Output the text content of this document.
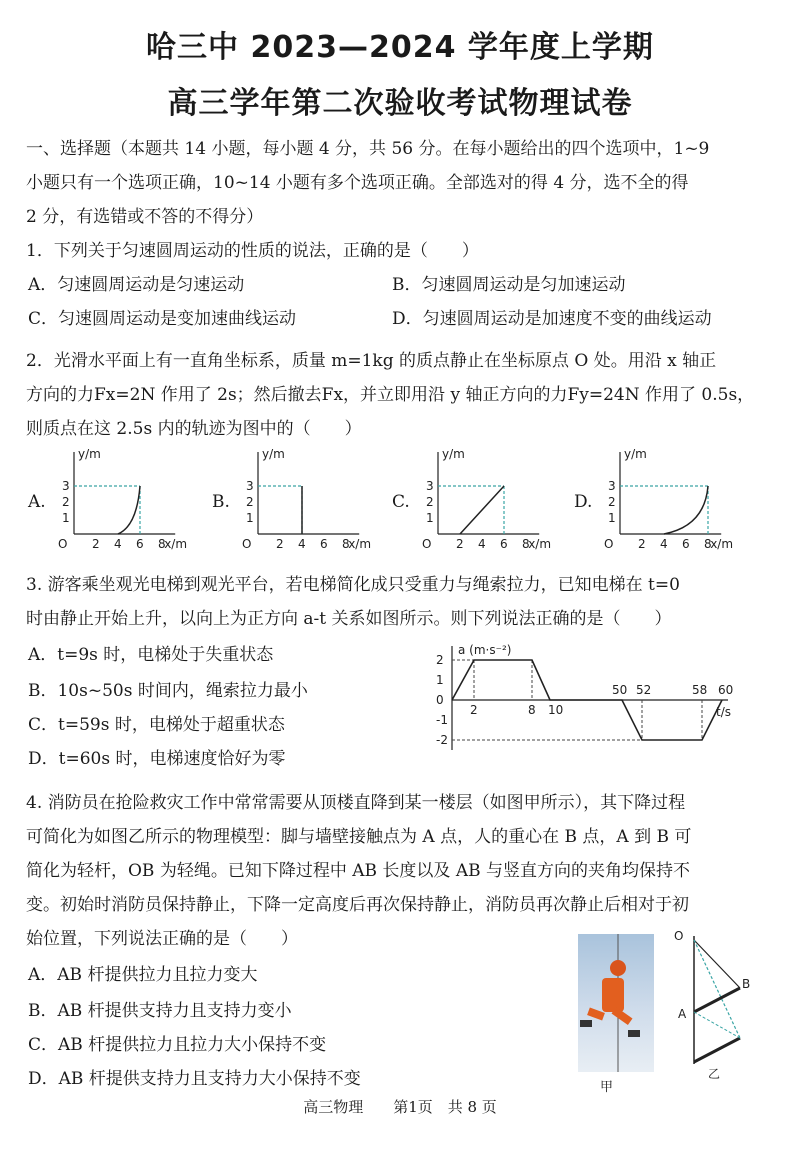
哈三中 2023—2024 学年度上学期
高三学年第二次验收考试物理试卷
一、选择题（本题共 14 小题，每小题 4 分，共 56 分。在每小题给出的四个选项中，1~9
小题只有一个选项正确，10~14 小题有多个选项正确。全部选对的得 4 分，选不全的得
2 分，有选错或不答的不得分）
1．下列关于匀速圆周运动的性质的说法，正确的是（　　）
A．匀速圆周运动是匀速运动	B．匀速圆周运动是匀加速运动
C．匀速圆周运动是变加速曲线运动	D．匀速圆周运动是加速度不变的曲线运动
2．光滑水平面上有一直角坐标系，质量 m=1kg 的质点静止在坐标原点 O 处。用沿 x 轴正
方向的力Fx=2N 作用了 2s；然后撤去Fx，并立即用沿 y 轴正方向的力Fy=24N 作用了 0.5s，
则质点在这 2.5s 内的轨迹为图中的（　　）
A.	B.	C.	D.
y/m
x/m
O 2 4 6 8
1
2
3
y/m
x/m
O 2 4 6 8
1
2
3
y/m
x/m
O 2 4 6 8
1
2
3
y/m
x/m
O 2 4 6 8
1
2
3
3. 游客乘坐观光电梯到观光平台，若电梯简化成只受重力与绳索拉力，已知电梯在 t=0
时由静止开始上升，以向上为正方向 a-t 关系如图所示。则下列说法正确的是（　　）
A．t=9s 时，电梯处于失重状态
B．10s~50s 时间内，绳索拉力最小
C．t=59s 时，电梯处于超重状态
D．t=60s 时，电梯速度恰好为零
a (m·s⁻²)
t/s
2
1
0
-1
-2
2	8 10
50 52	58 60
4. 消防员在抢险救灾工作中常常需要从顶楼直降到某一楼层（如图甲所示），其下降过程
可简化为如图乙所示的物理模型：脚与墙壁接触点为 A 点，人的重心在 B 点，A 到 B 可
简化为轻杆，OB 为轻绳。已知下降过程中 AB 长度以及 AB 与竖直方向的夹角均保持不
变。初始时消防员保持静止，下降一定高度后再次保持静止，消防员再次静止后相对于初
始位置，下列说法正确的是（　　）
A．AB 杆提供拉力且拉力变大
B．AB 杆提供支持力且支持力变小
C．AB 杆提供拉力且拉力大小保持不变
D．AB 杆提供支持力且支持力大小保持不变	甲
O
A
B
乙
高三物理　　第1页　共 8 页
